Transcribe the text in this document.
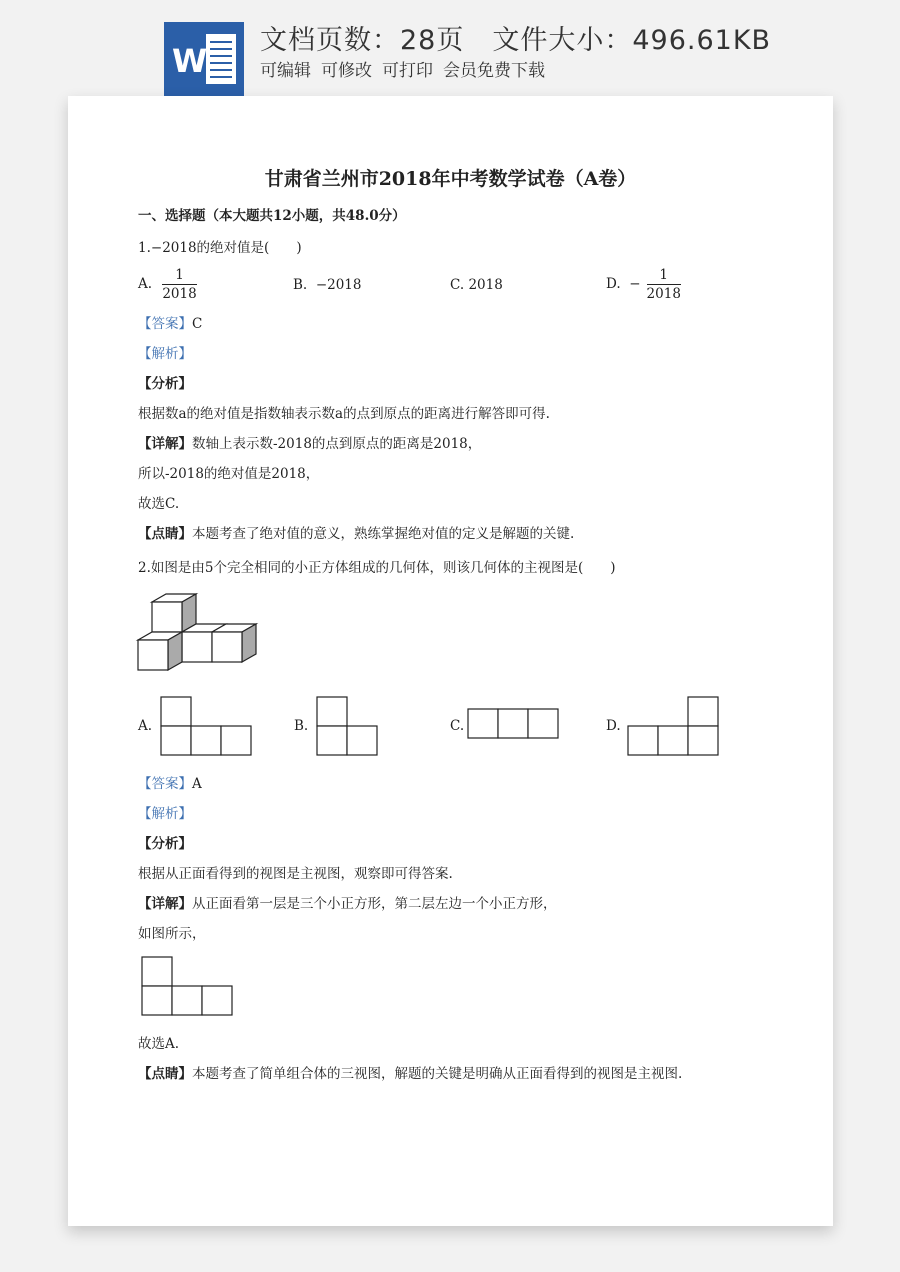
W
文档页数：28页 文件大小：496.61KB
可编辑 可修改 可打印 会员免费下载
甘肃省兰州市2018年中考数学试卷（A卷）
一、选择题（本大题共12小题，共48.0分）
1.−2018的绝对值是(　　)
A. $\frac{1}{2018}$	B. −2018	C. 2018	D. − $\frac{1}{2018}$
【答案】C
【解析】
【分析】
根据数a的绝对值是指数轴表示数a的点到原点的距离进行解答即可得.
【详解】数轴上表示数-2018的点到原点的距离是2018，
所以-2018的绝对值是2018，
故选C.
【点睛】本题考查了绝对值的意义，熟练掌握绝对值的定义是解题的关键.
2.如图是由5个完全相同的小正方体组成的几何体，则该几何体的主视图是(　　)
A.	B.	C.	D.
【答案】A
【解析】
【分析】
根据从正面看得到的视图是主视图，观察即可得答案.
【详解】从正面看第一层是三个小正方形，第二层左边一个小正方形，
如图所示，
故选A.
【点睛】本题考查了简单组合体的三视图，解题的关键是明确从正面看得到的视图是主视图.
